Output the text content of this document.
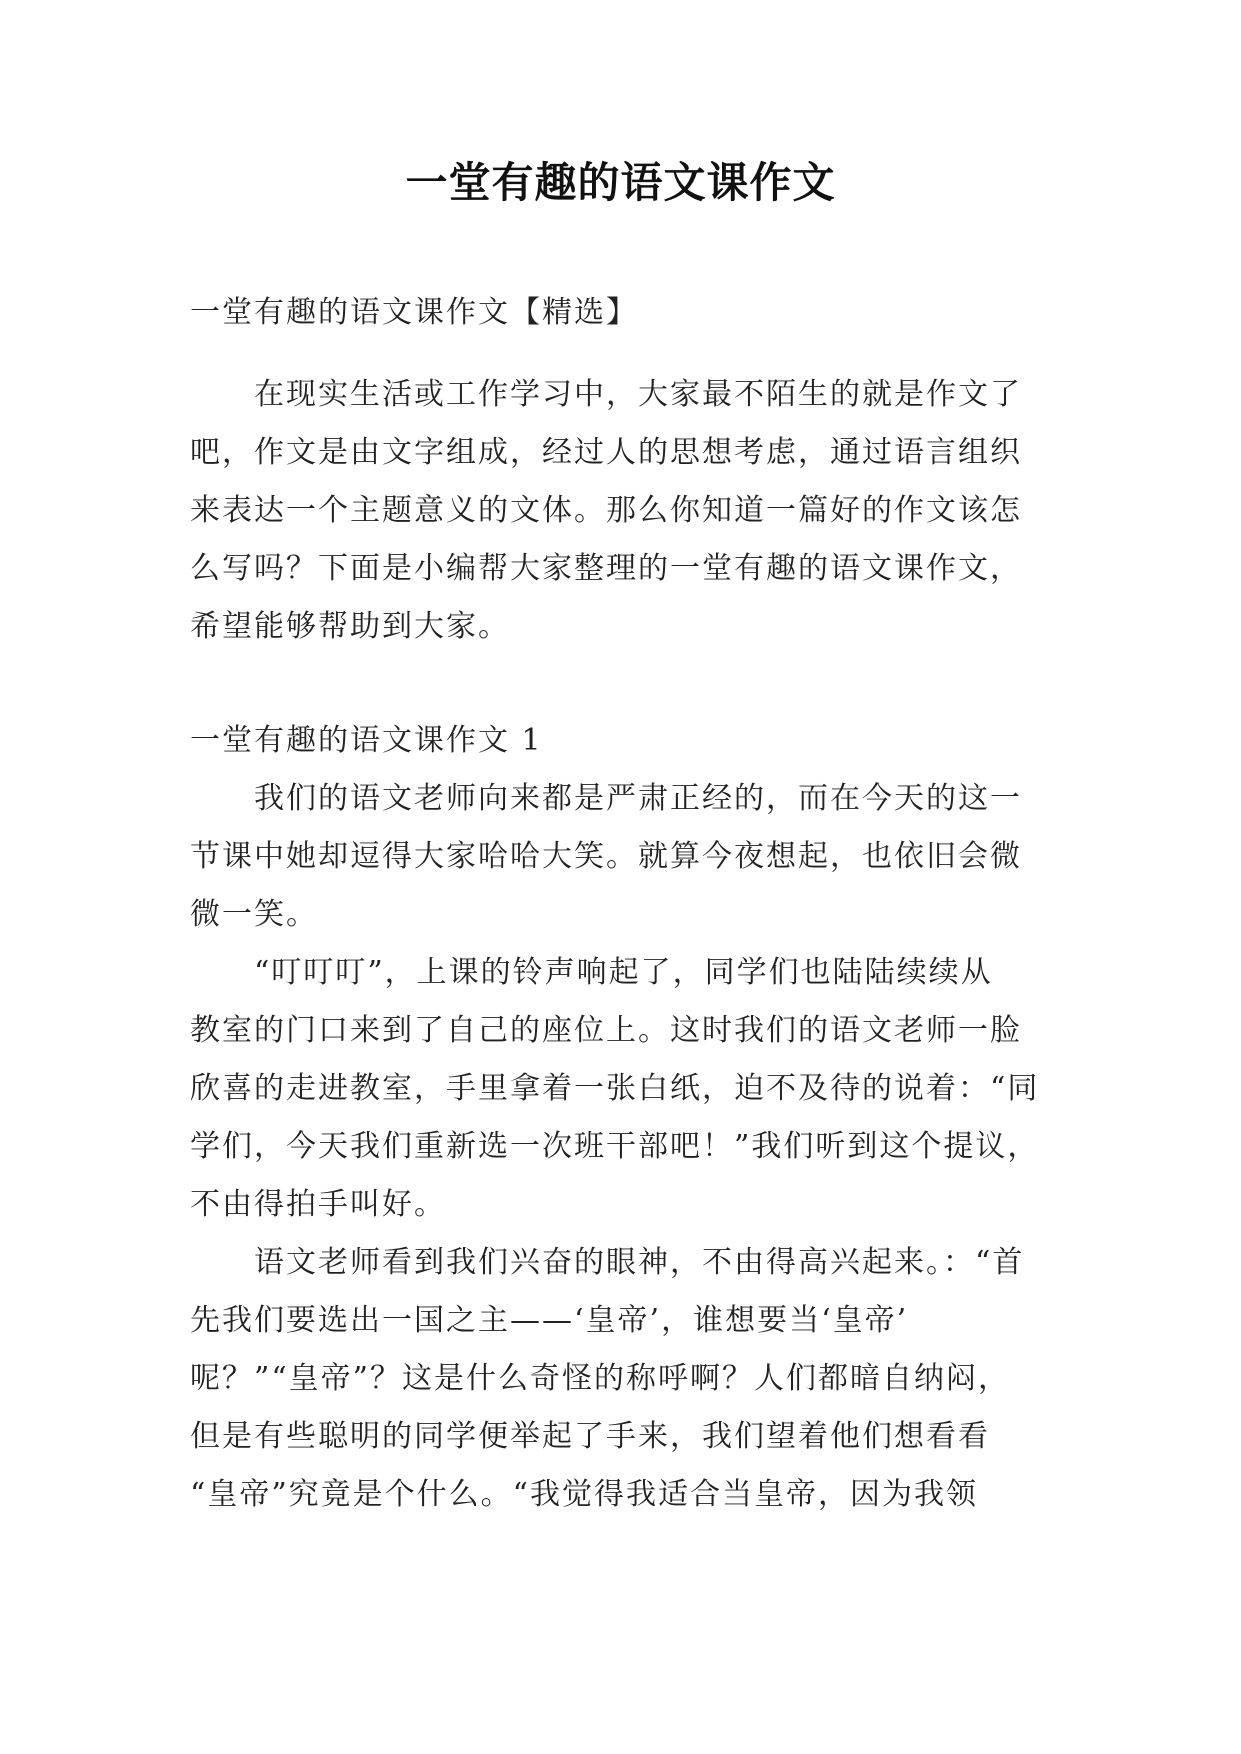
一堂有趣的语文课作文
一堂有趣的语文课作文【精选】
在现实生活或工作学习中，大家最不陌生的就是作文了
吧，作文是由文字组成，经过人的思想考虑，通过语言组织
来表达一个主题意义的文体。那么你知道一篇好的作文该怎
么写吗？下面是小编帮大家整理的一堂有趣的语文课作文，
希望能够帮助到大家。
一堂有趣的语文课作文 1
我们的语文老师向来都是严肃正经的，而在今天的这一
节课中她却逗得大家哈哈大笑。就算今夜想起，也依旧会微
微一笑。
“叮叮叮”，上课的铃声响起了，同学们也陆陆续续从
教室的门口来到了自己的座位上。这时我们的语文老师一脸
欣喜的走进教室，手里拿着一张白纸，迫不及待的说着：“同
学们，今天我们重新选一次班干部吧！”我们听到这个提议，
不由得拍手叫好。
语文老师看到我们兴奋的眼神，不由得高兴起来。：“首
先我们要选出一国之主——‘皇帝’，谁想要当‘皇帝’
呢？”“皇帝”？这是什么奇怪的称呼啊？人们都暗自纳闷，
但是有些聪明的同学便举起了手来，我们望着他们想看看
“皇帝”究竟是个什么。“我觉得我适合当皇帝，因为我领
